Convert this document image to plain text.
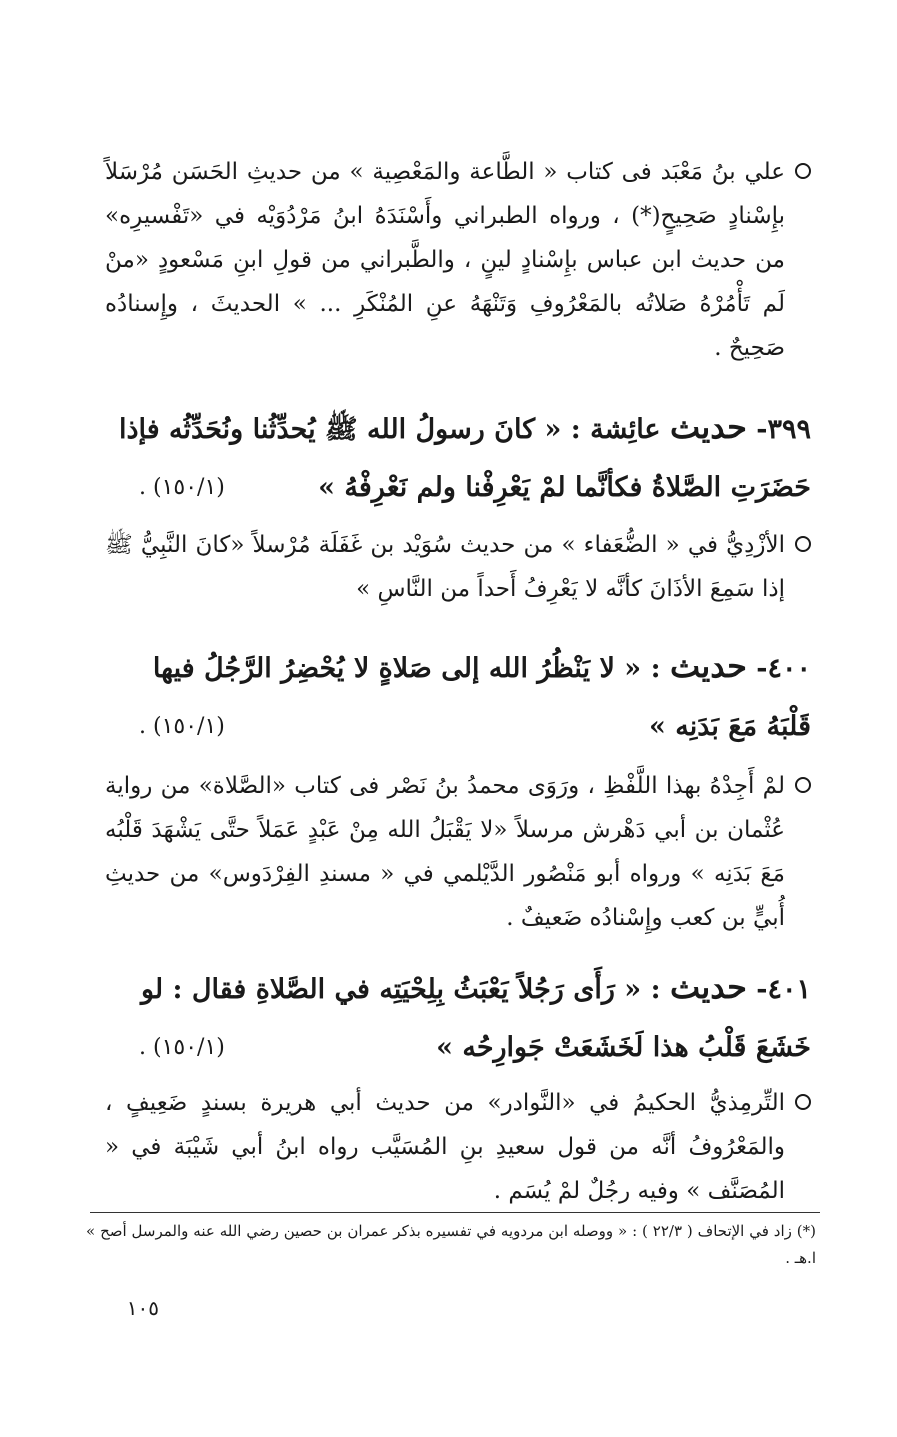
علي بنُ مَعْبَد فى كتاب « الطَّاعة والمَعْصِية » من حديثِ الحَسَن مُرْسَلاً بإِسْنادٍ صَحِيحٍ(*) ، ورواه الطبراني وأَسْنَدَهُ ابنُ مَرْدُوَيْه في «تَفْسيرِه» من حديث ابن عباس بإِسْنادٍ لينٍ ، والطَّبراني من قولِ ابنِ مَسْعودٍ «منْ لَم تَأْمُرْهُ صَلاتُه بالمَعْرُوفِ وَتَنْهَهُ عنِ المُنْكَرِ ... » الحديثَ ، وإِسنادُه صَحِيحٌ .

٣٩٩- حديث عائِشة : « كانَ رسولُ الله ﷺ يُحدِّثُنا ونُحَدِّثُه فإذا حَضَرَتِ الصَّلاةُ فكأنَّما لمْ يَعْرِفْنا ولم نَعْرِفْهُ »
(١٥٠/١) .

الأزْدِيُّ في « الضُّعَفاء » من حديث سُوَيْد بن غَفَلَة مُرْسلاً «كانَ النَّبِيُّ ﷺ إذا سَمِعَ الأذَانَ كأنَّه لا يَعْرِفُ أَحداً من النَّاسِ »

٤٠٠- حديث : « لا يَنْظُرُ الله إلى صَلاةٍ لا يُحْضِرُ الرَّجُلُ فيها قَلْبَهُ مَعَ بَدَنِه »
(١٥٠/١) .

لمْ أَجِدْهُ بهذا اللَّفْظِ ، ورَوَى محمدُ بنُ نَصْر فى كتاب «الصَّلاة» من رواية عُثْمان بن أبي دَهْرش مرسلاً «لا يَقْبَلُ الله مِنْ عَبْدٍ عَمَلاً حتَّى يَشْهَدَ قَلْبُه مَعَ بَدَنِه » ورواه أبو مَنْصُور الدَّيْلمي في « مسندِ الفِرْدَوس» من حديثِ أُبيٍّ بن كعب وإِسْنادُه ضَعيفٌ .

٤٠١- حديث : « رَأَى رَجُلاً يَعْبَثُ بِلِحْيَتِه في الصَّلاةِ فقال : لو خَشَعَ قَلْبُ هذا لَخَشَعَتْ جَوارِحُه »
(١٥٠/١) .

التِّرمِذيُّ الحكيمُ في «النَّوادر» من حديث أبي هريرة بسندٍ ضَعِيفٍ ، والمَعْرُوفُ أنَّه من قول سعيدِ بنِ المُسَيَّب رواه ابنُ أبي شَيْبَة في « المُصَنَّف » وفيه رجُلٌ لمْ يُسَم .

(*) زاد في الإتحاف ( ٢٢/٣ ) : « ووصله ابن مردويه في تفسيره بذكر عمران بن حصين رضي الله عنه والمرسل أصح » ا.هـ .
١٠٥
